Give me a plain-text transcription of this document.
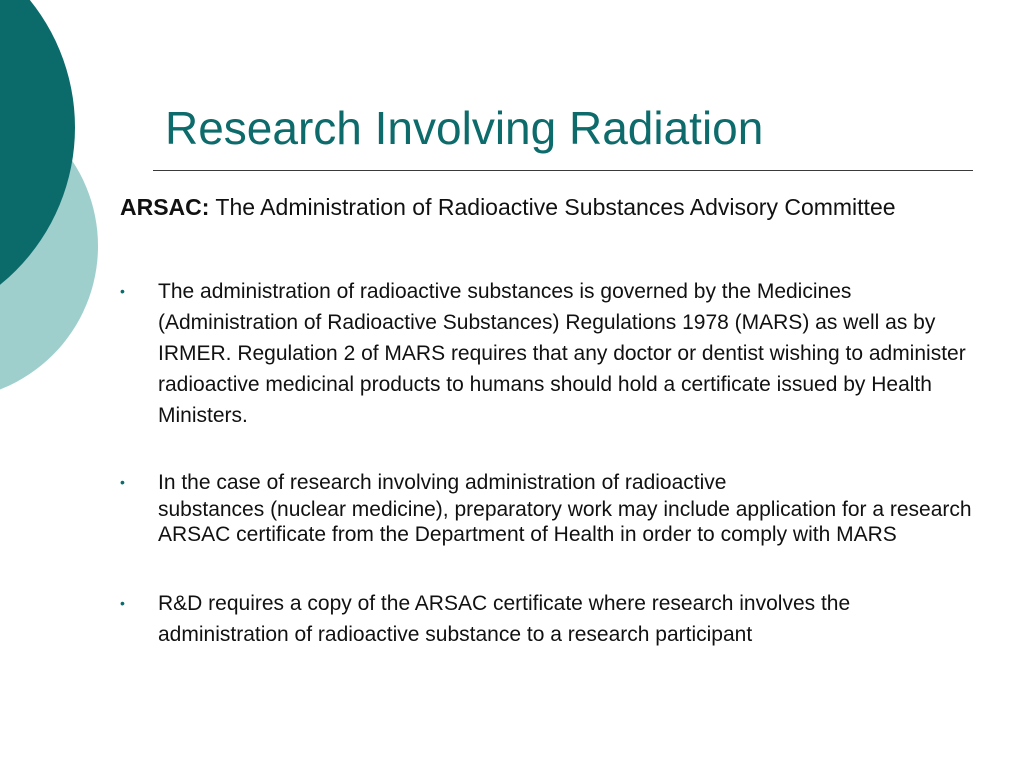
Research Involving Radiation

ARSAC: The Administration of Radioactive Substances Advisory Committee

• The administration of radioactive substances is governed by the Medicines (Administration of Radioactive Substances) Regulations 1978 (MARS) as well as by IRMER. Regulation 2 of MARS requires that any doctor or dentist wishing to administer radioactive medicinal products to humans should hold a certificate issued by Health Ministers.
• In the case of research involving administration of radioactive
substances (nuclear medicine), preparatory work may include application for a research ARSAC certificate from the Department of Health in order to comply with MARS
• R&D requires a copy of the ARSAC certificate where research involves the administration of radioactive substance to a research participant
